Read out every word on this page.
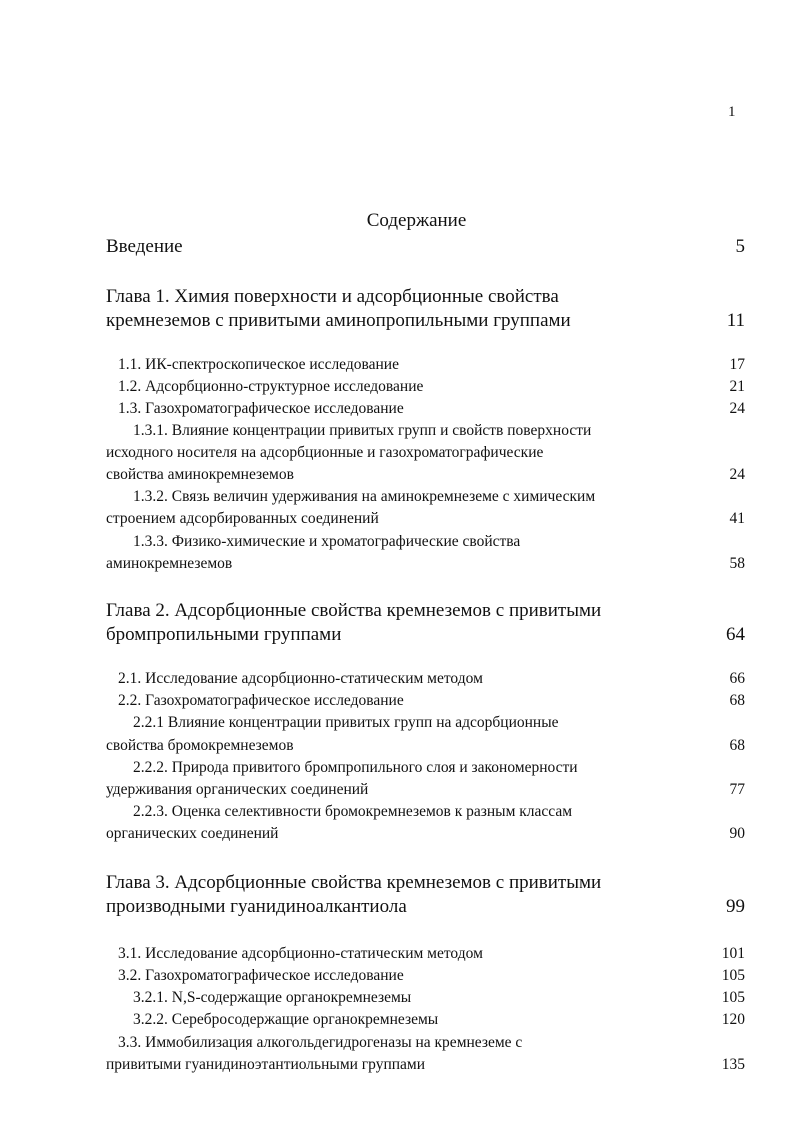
1
Содержание
Введение	5
Глава 1. Химия поверхности и адсорбционные свойства
кремнеземов с привитыми аминопропильными группами	11
1.1. ИК-спектроскопическое исследование	17
1.2. Адсорбционно-структурное исследование	21
1.3. Газохроматографическое исследование	24
1.3.1. Влияние концентрации привитых групп и свойств поверхности
исходного носителя на адсорбционные и газохроматографические
свойства аминокремнеземов	24
1.3.2. Связь величин удерживания на аминокремнеземе с химическим
строением адсорбированных соединений	41
1.3.3. Физико-химические и хроматографические свойства
аминокремнеземов	58
Глава 2. Адсорбционные свойства кремнеземов с привитыми
бромпропильными группами	64
2.1. Исследование адсорбционно-статическим методом	66
2.2. Газохроматографическое исследование	68
2.2.1 Влияние концентрации привитых групп на адсорбционные
свойства бромокремнеземов	68
2.2.2. Природа привитого бромпропильного слоя и закономерности
удерживания органических соединений	77
2.2.3. Оценка селективности бромокремнеземов к разным классам
органических соединений	90
Глава 3. Адсорбционные свойства кремнеземов с привитыми
производными гуанидиноалкантиола	99
3.1. Исследование адсорбционно-статическим методом	101
3.2. Газохроматографическое исследование	105
3.2.1. N,S-содержащие органокремнеземы	105
3.2.2. Серебросодержащие органокремнеземы	120
3.3. Иммобилизация алкогольдегидрогеназы на кремнеземе с
привитыми гуанидиноэтантиольными группами	135
